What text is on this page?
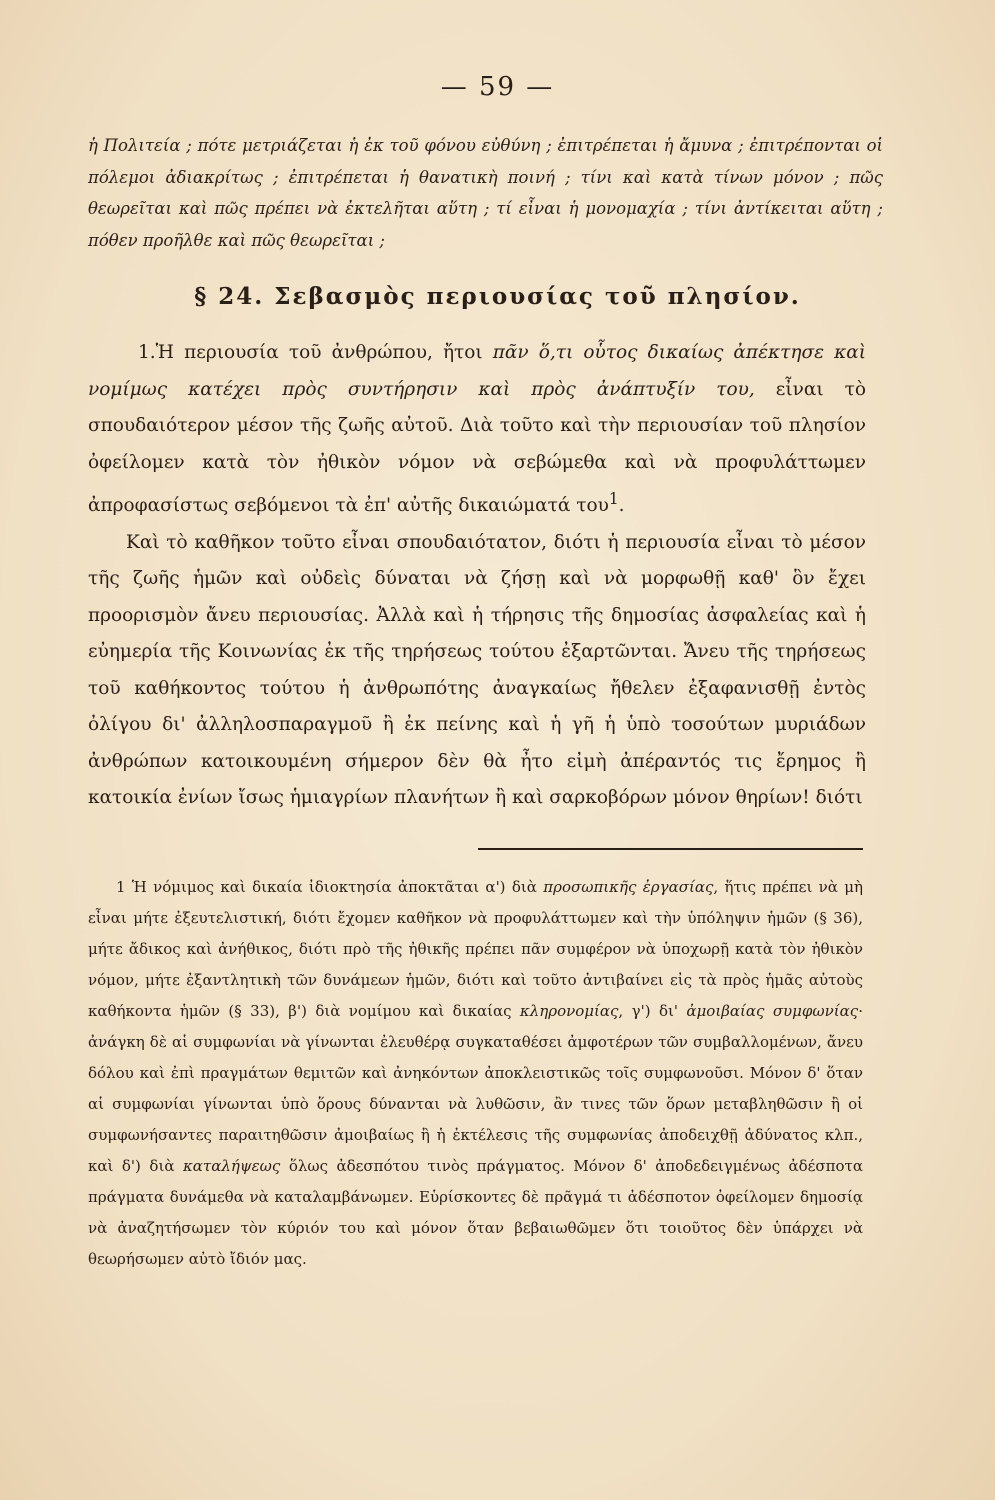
— 59 —
ἡ Πολιτεία ; πότε μετριάζεται ἡ ἐκ τοῦ φόνου εὐθύνη ; ἐπιτρέπεται ἡ ἄμυνα ; ἐπιτρέπονται οἱ πόλεμοι ἀδιακρίτως ; ἐπιτρέπεται ἡ θανατικὴ ποινή ; τίνι καὶ κατὰ τίνων μόνον ; πῶς θεωρεῖται καὶ πῶς πρέπει νὰ ἐκτελῆται αὕτη ; τί εἶναι ἡ μονομαχία ; τίνι ἀντίκειται αὕτη ; πόθεν προῆλθε καὶ πῶς θεωρεῖται ;
§ 24. Σεβασμὸς περιουσίας τοῦ πλησίον.

1.Ἡ περιουσία τοῦ ἀνθρώπου, ἤτοι πᾶν ὅ,τι οὗτος δικαίως ἀπέκτησε καὶ νομίμως κατέχει πρὸς συντήρησιν καὶ πρὸς ἀνάπτυξίν του, εἶναι τὸ σπουδαιότερον μέσον τῆς ζωῆς αὐτοῦ. Διὰ τοῦτο καὶ τὴν περιουσίαν τοῦ πλησίον ὀφείλομεν κατὰ τὸν ἠθικὸν νόμον νὰ σεβώμεθα καὶ νὰ προφυλάττωμεν ἀπροφασίστως σεβόμενοι τὰ ἐπ' αὐτῆς δικαιώματά του$^1$.

Καὶ τὸ καθῆκον τοῦτο εἶναι σπουδαιότατον, διότι ἡ περιουσία εἶναι τὸ μέσον τῆς ζωῆς ἡμῶν καὶ οὐδεὶς δύναται νὰ ζήσῃ καὶ νὰ μορφωθῇ καθ' ὃν ἔχει προορισμὸν ἄνευ περιουσίας. Ἀλλὰ καὶ ἡ τήρησις τῆς δημοσίας ἀσφαλείας καὶ ἡ εὐημερία τῆς Κοινωνίας ἐκ τῆς τηρήσεως τούτου ἐξαρτῶνται. Ἄνευ τῆς τηρήσεως τοῦ καθήκοντος τούτου ἡ ἀνθρωπότης ἀναγκαίως ἤθελεν ἐξαφανισθῇ ἐντὸς ὀλίγου δι' ἀλληλοσπαραγμοῦ ἢ ἐκ πείνης καὶ ἡ γῆ ἡ ὑπὸ τοσούτων μυριάδων ἀνθρώπων κατοικουμένη σήμερον δὲν θὰ ἦτο εἰμὴ ἀπέραντός τις ἔρημος ἢ κατοικία ἐνίων ἴσως ἡμιαγρίων πλανήτων ἢ καὶ σαρκοβόρων μόνον θηρίων! διότι

1 Ἡ νόμιμος καὶ δικαία ἰδιοκτησία ἀποκτᾶται α') διὰ προσωπικῆς ἐργασίας, ἥτις πρέπει νὰ μὴ εἶναι μήτε ἐξευτελιστική, διότι ἔχομεν καθῆκον νὰ προφυλάττωμεν καὶ τὴν ὑπόληψιν ἡμῶν (§ 36), μήτε ἄδικος καὶ ἀνήθικος, διότι πρὸ τῆς ἠθικῆς πρέπει πᾶν συμφέρον νὰ ὑποχωρῇ κατὰ τὸν ἠθικὸν νόμον, μήτε ἐξαντλητικὴ τῶν δυνάμεων ἡμῶν, διότι καὶ τοῦτο ἀντιβαίνει εἰς τὰ πρὸς ἡμᾶς αὐτοὺς καθήκοντα ἡμῶν (§ 33), β') διὰ νομίμου καὶ δικαίας κληρονομίας, γ') δι' ἀμοιβαίας συμφωνίας· ἀνάγκη δὲ αἱ συμφωνίαι νὰ γίνωνται ἐλευθέρᾳ συγκαταθέσει ἀμφοτέρων τῶν συμβαλλομένων, ἄνευ δόλου καὶ ἐπὶ πραγμάτων θεμιτῶν καὶ ἀνηκόντων ἀποκλειστικῶς τοῖς συμφωνοῦσι. Μόνον δ' ὅταν αἱ συμφωνίαι γίνωνται ὑπὸ ὅρους δύνανται νὰ λυθῶσιν, ἂν τινες τῶν ὅρων μεταβληθῶσιν ἢ οἱ συμφωνήσαντες παραιτηθῶσιν ἀμοιβαίως ἢ ἡ ἐκτέλεσις τῆς συμφωνίας ἀποδειχθῇ ἀδύνατος κλπ., καὶ δ') διὰ καταλήψεως ὅλως ἀδεσπότου τινὸς πράγματος. Μόνον δ' ἀποδεδειγμένως ἀδέσποτα πράγματα δυνάμεθα νὰ καταλαμβάνωμεν. Εὑρίσκοντες δὲ πρᾶγμά τι ἀδέσποτον ὀφείλομεν δημοσίᾳ νὰ ἀναζητήσωμεν τὸν κύριόν του καὶ μόνον ὅταν βεβαιωθῶμεν ὅτι τοιοῦτος δὲν ὑπάρχει νὰ θεωρήσωμεν αὐτὸ ἴδιόν μας.
